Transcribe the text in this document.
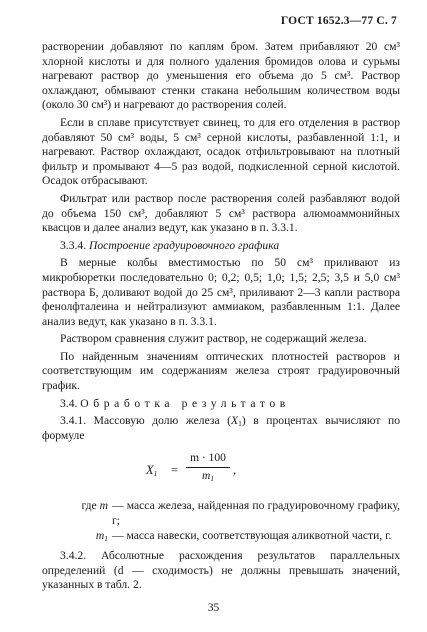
ГОСТ 1652.3—77 С. 7

растворении добавляют по каплям бром. Затем прибавляют 20 см³ хлорной кислоты и для полного удаления бромидов олова и сурьмы нагревают раствор до уменьшения его объема до 5 см³. Раствор охлаждают, обмывают стенки стакана небольшим количеством воды (около 30 см³) и нагревают до растворения солей.

Если в сплаве присутствует свинец, то для его отделения в раствор добавляют 50 см³ воды, 5 см³ серной кислоты, разбавленной 1:1, и нагревают. Раствор охлаждают, осадок отфильтровывают на плотный фильтр и промывают 4—5 раз водой, подкисленной серной кислотой. Осадок отбрасывают.

Фильтрат или раствор после растворения солей разбавляют водой до объема 150 см³, добавляют 5 см³ раствора алюмоаммонийных квасцов и далее анализ ведут, как указано в п. 3.3.1.

3.3.4. Построение градуировочного графика

В мерные колбы вместимостью по 50 см³ приливают из микробюретки последовательно 0; 0,2; 0,5; 1,0; 1,5; 2,5; 3,5 и 5,0 см³ раствора Б, доливают водой до 25 см³, приливают 2—3 капли раствора фенолфталеина и нейтрализуют аммиаком, разбавленным 1:1. Далее анализ ведут, как указано в п. 3.3.1.

Раствором сравнения служит раствор, не содержащий железа.

По найденным значениям оптических плотностей растворов и соответствующим им содержаниям железа строят градуировочный график.

3.4. Обработка результатов

3.4.1. Массовую долю железа $(X_1)$ в процентах вычисляют по формуле

$X_1$ =
m · 100
$m_1$
,
где m — масса железа, найденная по градуировочному графику, г;
$m_1$ — масса навески, соответствующая аликвотной части, г.

3.4.2. Абсолютные расхождения результатов параллельных определений (d — сходимость) не должны превышать значений, указанных в табл. 2.

35
